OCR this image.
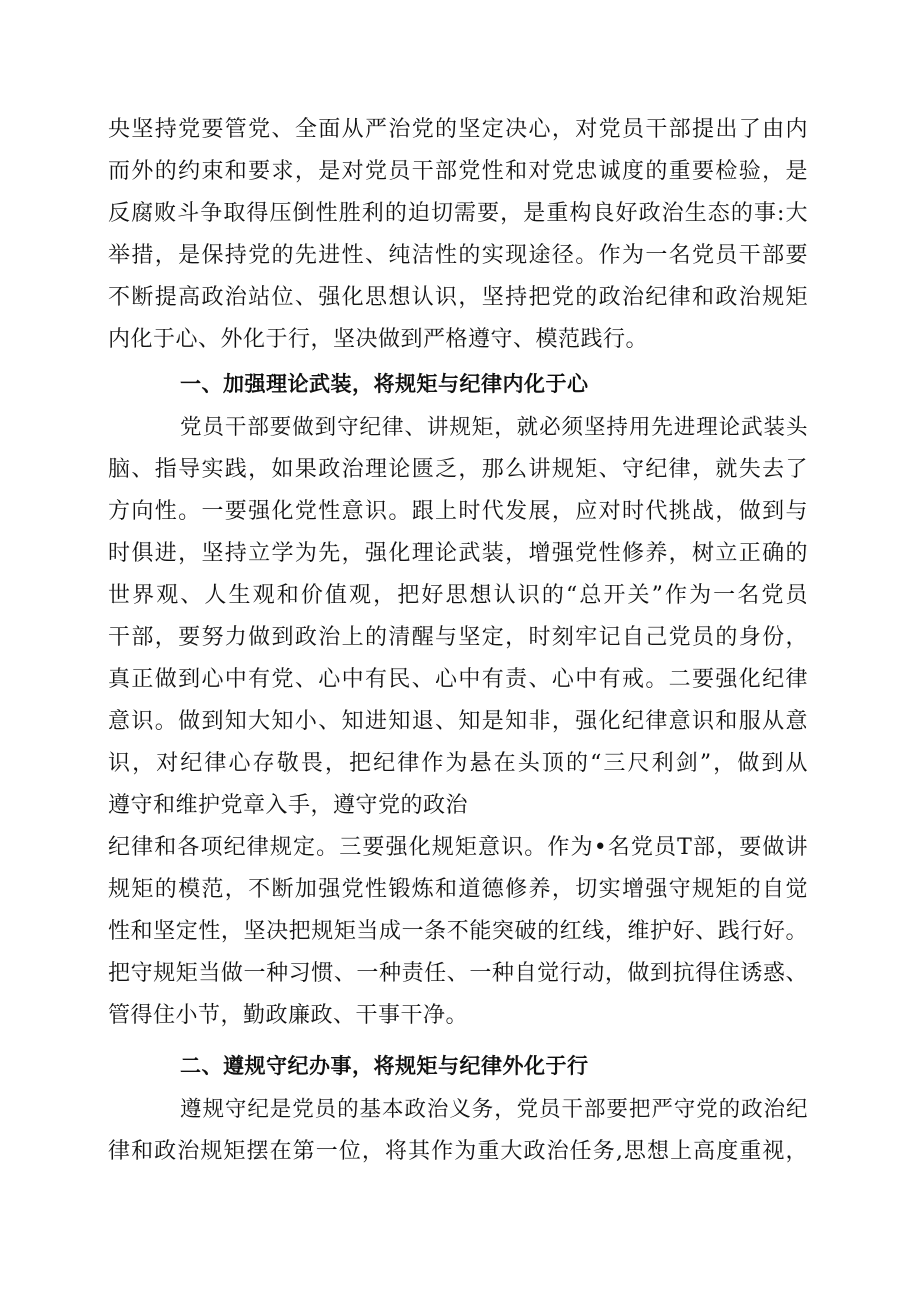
央坚持党要管党、全面从严治党的坚定决心，对党员干部提出了由内
而外的约束和要求，是对党员干部党性和对党忠诚度的重要检验，是
反腐败斗争取得压倒性胜利的迫切需要，是重构良好政治生态的事:大
举措，是保持党的先进性、纯洁性的实现途径。作为一名党员干部要
不断提高政治站位、强化思想认识，坚持把党的政治纪律和政治规矩
内化于心、外化于行，坚决做到严格遵守、模范践行。
一、加强理论武装，将规矩与纪律内化于心
党员干部要做到守纪律、讲规矩，就必须坚持用先进理论武装头
脑、指导实践，如果政治理论匮乏，那么讲规矩、守纪律，就失去了
方向性。一要强化党性意识。跟上时代发展，应对时代挑战，做到与
时俱进，坚持立学为先，强化理论武装，增强党性修养，树立正确的
世界观、人生观和价值观，把好思想认识的“总开关”作为一名党员
干部，要努力做到政治上的清醒与坚定，时刻牢记自己党员的身份，
真正做到心中有党、心中有民、心中有责、心中有戒。二要强化纪律
意识。做到知大知小、知进知退、知是知非，强化纪律意识和服从意
识，对纪律心存敬畏，把纪律作为悬在头顶的“三尺利剑”，做到从
遵守和维护党章入手，遵守党的政治
纪律和各项纪律规定。三要强化规矩意识。作为•名党员T部，要做讲
规矩的模范，不断加强党性锻炼和道德修养，切实增强守规矩的自觉
性和坚定性，坚决把规矩当成一条不能突破的红线，维护好、践行好。
把守规矩当做一种习惯、一种责任、一种自觉行动，做到抗得住诱惑、
管得住小节，勤政廉政、干事干净。
二、遵规守纪办事，将规矩与纪律外化于行
遵规守纪是党员的基本政治义务，党员干部要把严守党的政治纪
律和政治规矩摆在第一位，将其作为重大政治任务,思想上高度重视，
